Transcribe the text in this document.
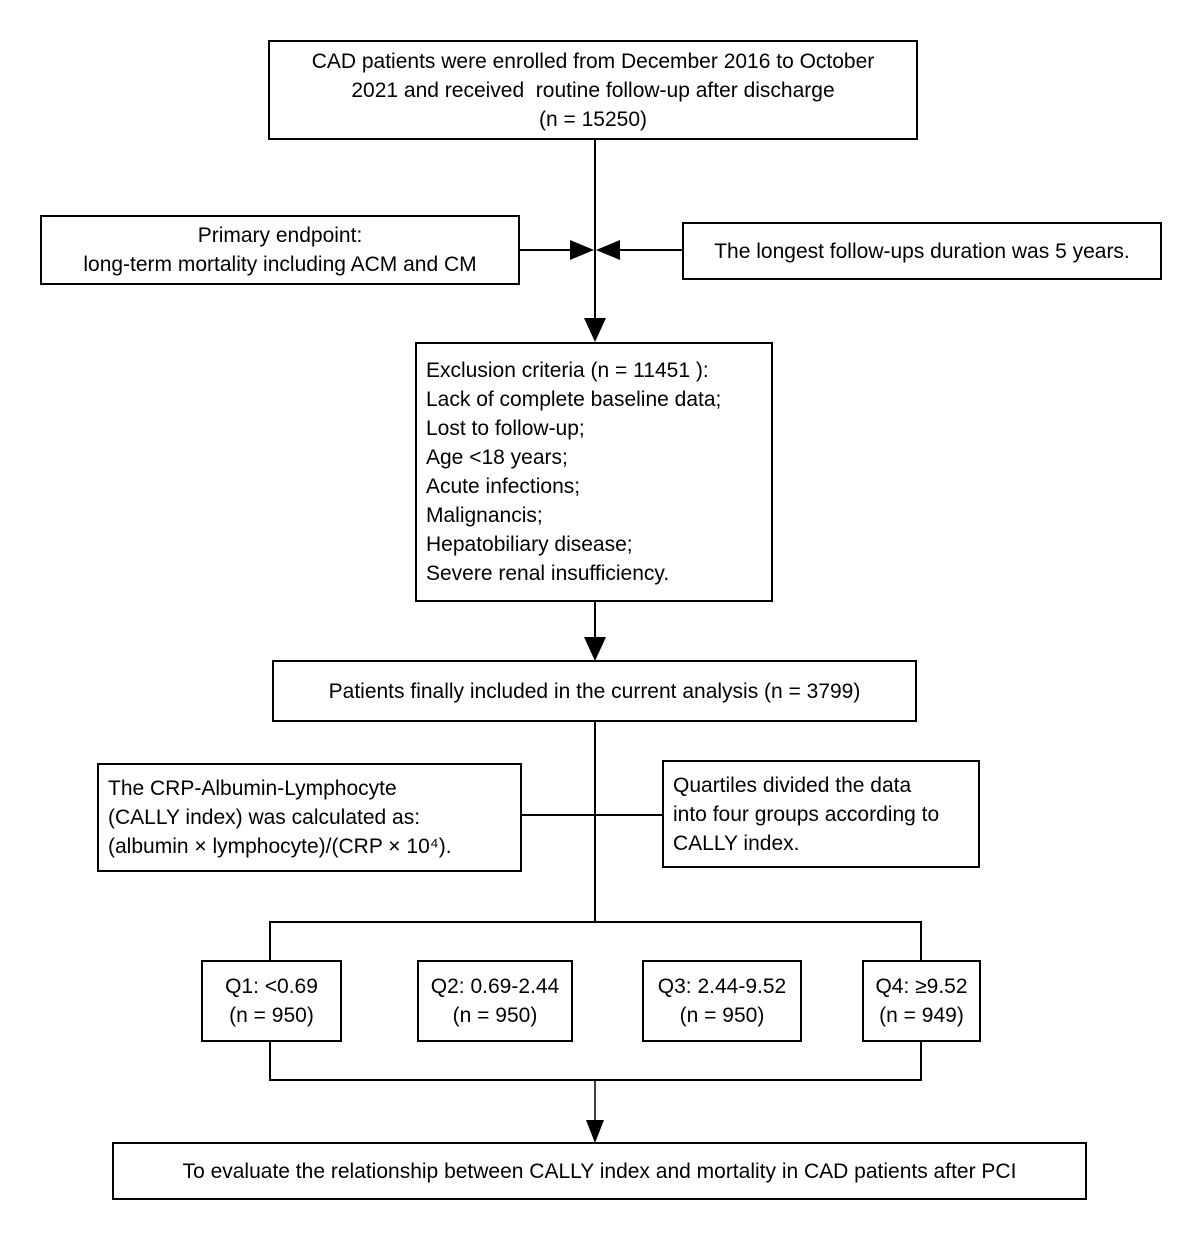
CAD patients were enrolled from December 2016 to October
2021 and received  routine follow-up after discharge
(n = 15250)
Primary endpoint:
long-term mortality including ACM and CM
The longest follow-ups duration was 5 years.
Exclusion criteria (n = 11451 ):
Lack of complete baseline data;
Lost to follow-up;
Age <18 years;
Acute infections;
Malignancis;
Hepatobiliary disease;
Severe renal insufficiency.
Patients finally included in the current analysis (n = 3799)
The CRP-Albumin-Lymphocyte
(CALLY index) was calculated as:
(albumin × lymphocyte)/(CRP × 10⁴).
Quartiles divided the data
into four groups according to
CALLY index.
Q1: <0.69
(n = 950)
Q2: 0.69-2.44
(n = 950)
Q3: 2.44-9.52
(n = 950)
Q4: ≥9.52
(n = 949)
To evaluate the relationship between CALLY index and mortality in CAD patients after PCI
